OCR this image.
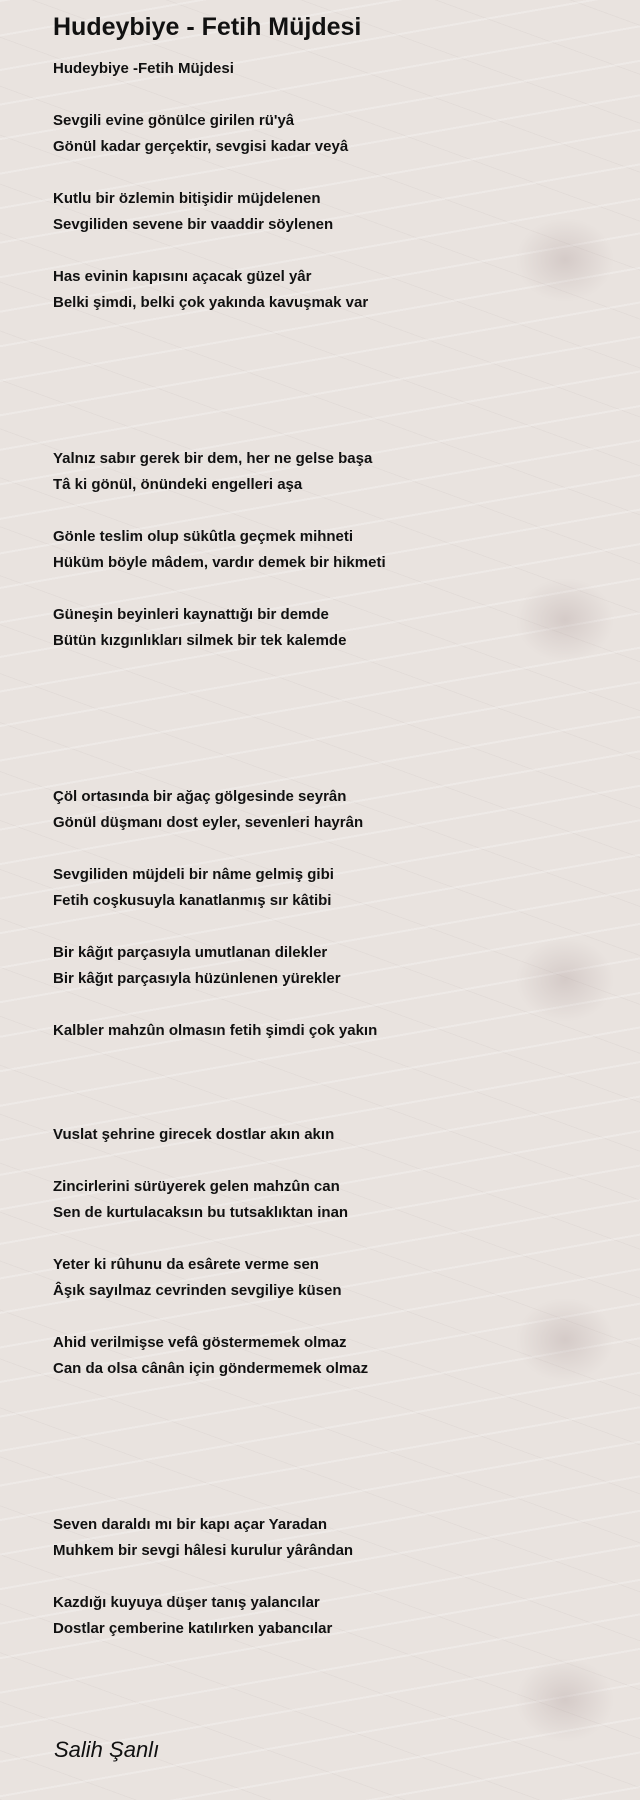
Hudeybiye - Fetih Müjdesi
Hudeybiye -Fetih Müjdesi
Sevgili evine gönülce girilen rü'yâ
Gönül kadar gerçektir, sevgisi kadar veyâ
Kutlu bir özlemin bitişidir müjdelenen
Sevgiliden sevene bir vaaddir söylenen
Has evinin kapısını açacak güzel yâr
Belki şimdi, belki çok yakında kavuşmak var
Yalnız sabır gerek bir dem, her ne gelse başa
Tâ ki gönül, önündeki engelleri aşa
Gönle teslim olup sükûtla geçmek mihneti
Hüküm böyle mâdem, vardır demek bir hikmeti
Güneşin beyinleri kaynattığı bir demde
Bütün kızgınlıkları silmek bir tek kalemde
Çöl ortasında bir ağaç gölgesinde seyrân
Gönül düşmanı dost eyler, sevenleri hayrân
Sevgiliden müjdeli bir nâme gelmiş gibi
Fetih coşkusuyla kanatlanmış sır kâtibi
Bir kâğıt parçasıyla umutlanan dilekler
Bir kâğıt parçasıyla hüzünlenen yürekler
Kalbler mahzûn olmasın fetih şimdi çok yakın
Vuslat şehrine girecek dostlar akın akın
Zincirlerini sürüyerek gelen mahzûn can
Sen de kurtulacaksın bu tutsaklıktan inan
Yeter ki rûhunu da esârete verme sen
Âşık sayılmaz cevrinden sevgiliye küsen
Ahid verilmişse vefâ göstermemek olmaz
Can da olsa cânân için göndermemek olmaz
Seven daraldı mı bir kapı açar Yaradan
Muhkem bir sevgi hâlesi kurulur yârândan
Kazdığı kuyuya düşer tanış yalancılar
Dostlar çemberine katılırken yabancılar
Salih Şanlı
